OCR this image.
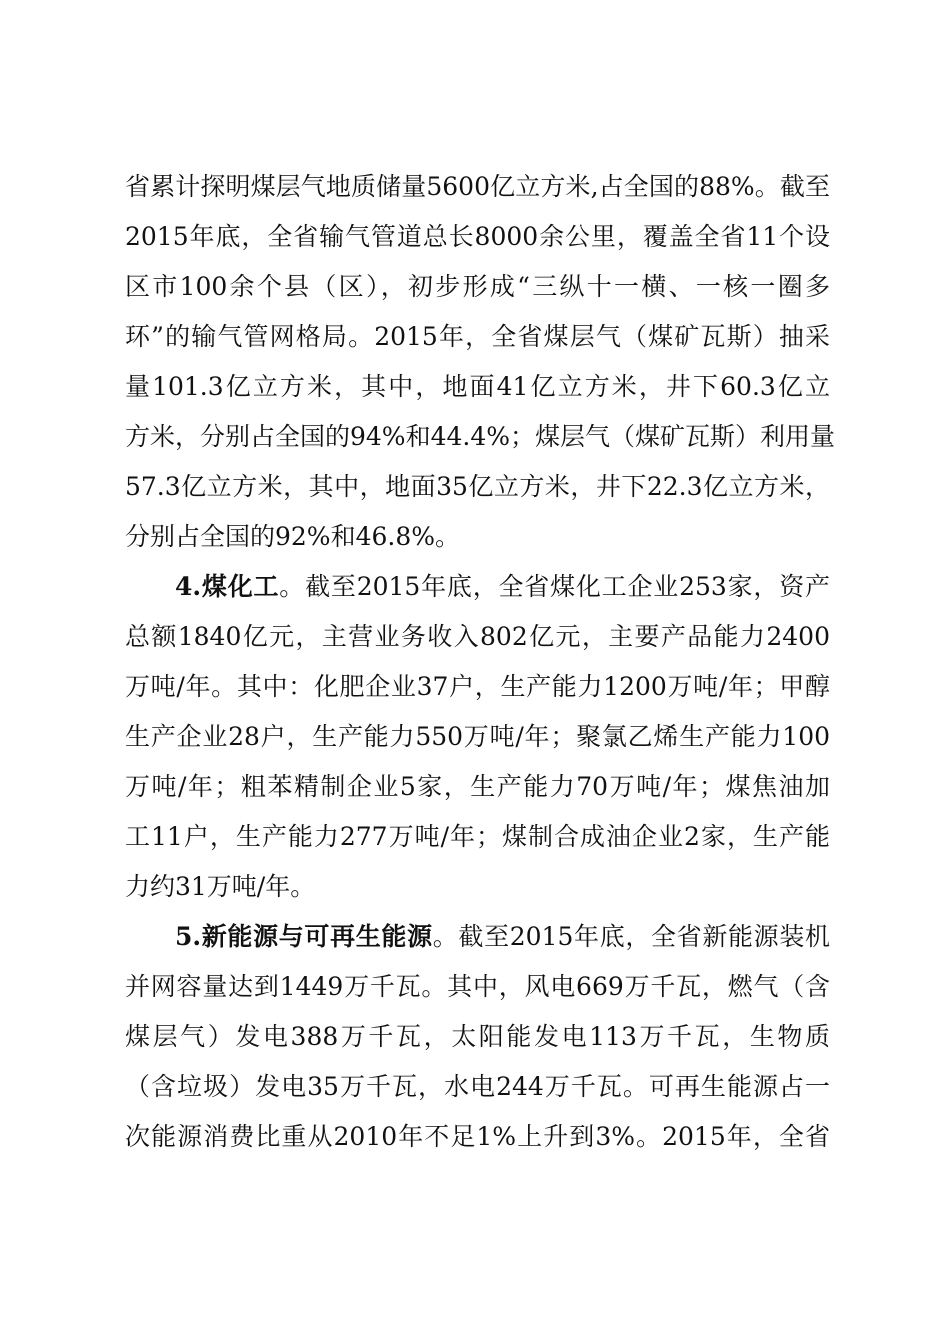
省累计探明煤层气地质储量5600亿立方米,占全国的88%。截至
2015年底，全省输气管道总长8000余公里，覆盖全省11个设
区市100余个县（区），初步形成“三纵十一横、一核一圈多
环”的输气管网格局。2015年，全省煤层气（煤矿瓦斯）抽采
量101.3亿立方米，其中，地面41亿立方米，井下60.3亿立
方米，分别占全国的94%和44.4%；煤层气（煤矿瓦斯）利用量
57.3亿立方米，其中，地面35亿立方米，井下22.3亿立方米，
分别占全国的92%和46.8%。
4.煤化工。截至2015年底，全省煤化工企业253家，资产
总额1840亿元，主营业务收入802亿元，主要产品能力2400
万吨/年。其中：化肥企业37户，生产能力1200万吨/年；甲醇
生产企业28户，生产能力550万吨/年；聚氯乙烯生产能力100
万吨/年；粗苯精制企业5家，生产能力70万吨/年；煤焦油加
工11户，生产能力277万吨/年；煤制合成油企业2家，生产能
力约31万吨/年。
5.新能源与可再生能源。截至2015年底，全省新能源装机
并网容量达到1449万千瓦。其中，风电669万千瓦，燃气（含
煤层气）发电388万千瓦，太阳能发电113万千瓦，生物质
（含垃圾）发电35万千瓦，水电244万千瓦。可再生能源占一
次能源消费比重从2010年不足1%上升到3%。2015年，全省
